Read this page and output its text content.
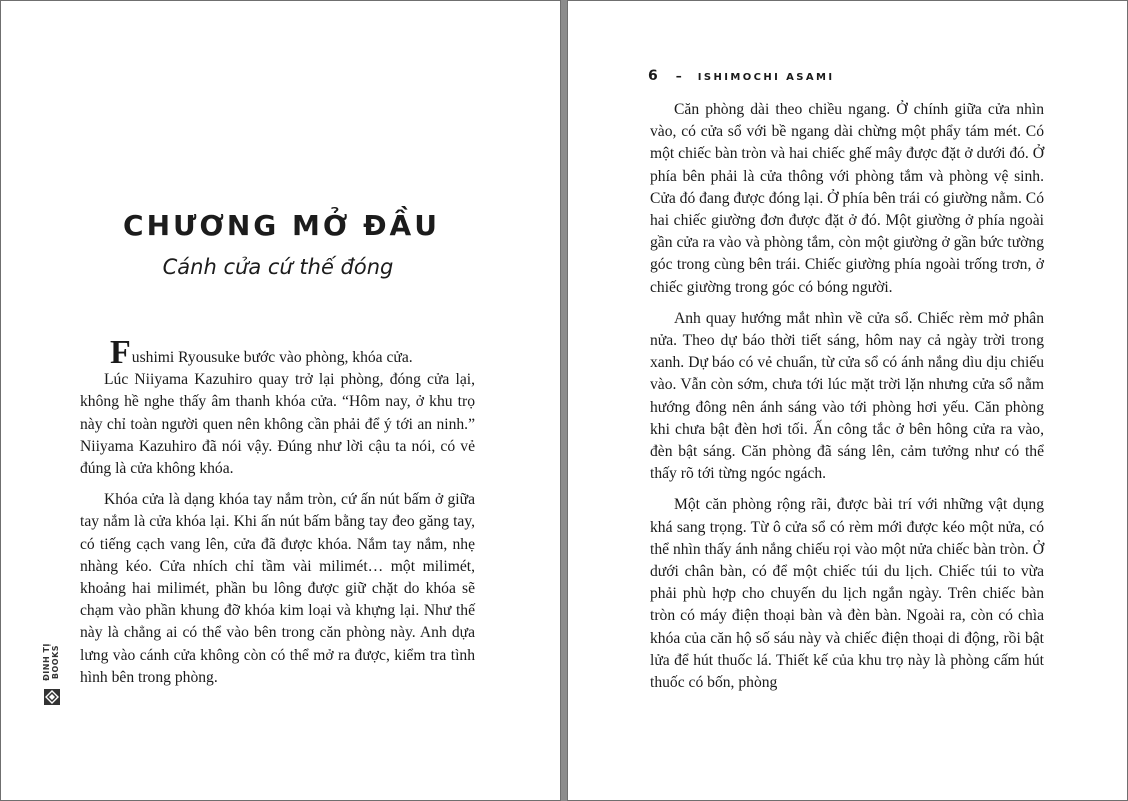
CHƯƠNG MỞ ĐẦU
Cánh cửa cứ thế đóng
ĐINH TỊ BOOKS

Fushimi Ryousuke bước vào phòng, khóa cửa.

Lúc Niiyama Kazuhiro quay trở lại phòng, đóng cửa lại, không hề nghe thấy âm thanh khóa cửa. “Hôm nay, ở khu trọ này chỉ toàn người quen nên không cần phải để ý tới an ninh.” Niiyama Kazuhiro đã nói vậy. Đúng như lời cậu ta nói, có vẻ đúng là cửa không khóa.

Khóa cửa là dạng khóa tay nắm tròn, cứ ấn nút bấm ở giữa tay nắm là cửa khóa lại. Khi ấn nút bấm bằng tay đeo găng tay, có tiếng cạch vang lên, cửa đã được khóa. Nắm tay nắm, nhẹ nhàng kéo. Cửa nhích chỉ tầm vài milimét… một milimét, khoảng hai milimét, phần bu lông được giữ chặt do khóa sẽ chạm vào phần khung đỡ khóa kim loại và khựng lại. Như thế này là chẳng ai có thể vào bên trong căn phòng này. Anh dựa lưng vào cánh cửa không còn có thể mở ra được, kiểm tra tình hình bên trong phòng.

6 – ISHIMOCHI ASAMI

Căn phòng dài theo chiều ngang. Ở chính giữa cửa nhìn vào, có cửa sổ với bề ngang dài chừng một phẩy tám mét. Có một chiếc bàn tròn và hai chiếc ghế mây được đặt ở dưới đó. Ở phía bên phải là cửa thông với phòng tắm và phòng vệ sinh. Cửa đó đang được đóng lại. Ở phía bên trái có giường nằm. Có hai chiếc giường đơn được đặt ở đó. Một giường ở phía ngoài gần cửa ra vào và phòng tắm, còn một giường ở gần bức tường góc trong cùng bên trái. Chiếc giường phía ngoài trống trơn, ở chiếc giường trong góc có bóng người.

Anh quay hướng mắt nhìn về cửa sổ. Chiếc rèm mở phân nửa. Theo dự báo thời tiết sáng, hôm nay cả ngày trời trong xanh. Dự báo có vẻ chuẩn, từ cửa sổ có ánh nắng dìu dịu chiếu vào. Vẫn còn sớm, chưa tới lúc mặt trời lặn nhưng cửa sổ nằm hướng đông nên ánh sáng vào tới phòng hơi yếu. Căn phòng khi chưa bật đèn hơi tối. Ấn công tắc ở bên hông cửa ra vào, đèn bật sáng. Căn phòng đã sáng lên, cảm tưởng như có thể thấy rõ tới từng ngóc ngách.

Một căn phòng rộng rãi, được bài trí với những vật dụng khá sang trọng. Từ ô cửa sổ có rèm mới được kéo một nửa, có thể nhìn thấy ánh nắng chiếu rọi vào một nửa chiếc bàn tròn. Ở dưới chân bàn, có để một chiếc túi du lịch. Chiếc túi to vừa phải phù hợp cho chuyến du lịch ngắn ngày. Trên chiếc bàn tròn có máy điện thoại bàn và đèn bàn. Ngoài ra, còn có chìa khóa của căn hộ số sáu này và chiếc điện thoại di động, rồi bật lửa để hút thuốc lá. Thiết kế của khu trọ này là phòng cấm hút thuốc có bốn, phòng
